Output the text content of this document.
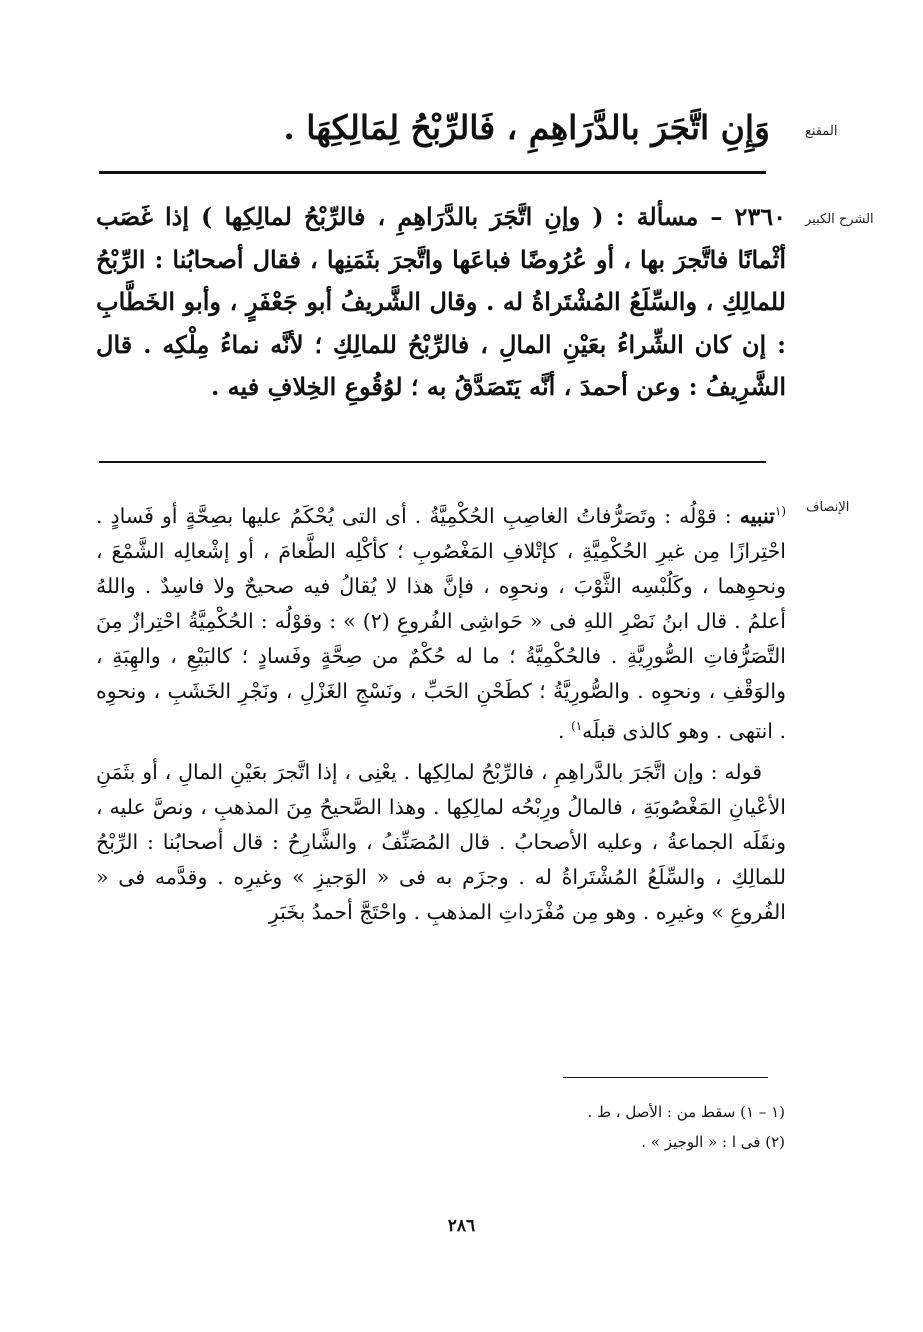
المقنع
وَإِنِ اتَّجَرَ بالدَّرَاهِمِ ، فَالرِّبْحُ لِمَالِكِهَا .
الشرح الكبير
٢٣٦٠ – مسألة : ( وإنِ اتَّجَرَ بالدَّرَاهِمِ ، فالرِّبْحُ لمالِكِها ) إذا غَصَب أثْمانًا فاتَّجرَ بها ، أو عُرُوضًا فباعَها واتَّجرَ بثَمَنِها ، فقال أصحابُنا : الرِّبْحُ للمالِكِ ، والسِّلَعُ المُشْتَراةُ له . وقال الشَّريفُ أبو جَعْفَرٍ ، وأبو الخَطَّابِ : إن كان الشِّراءُ بعَيْنِ المالِ ، فالرِّبْحُ للمالِكِ ؛ لأنَّه نماءُ مِلْكِه . قال الشَّرِيفُ : وعن أحمدَ ، أنَّه يَتَصَدَّقُ به ؛ لوُقُوعِ الخِلافِ فيه .
الإنصاف

$^{(١}$تنبيه : قوْلُه : وتَصَرُّفاتُ الغاصِبِ الحُكْمِيَّةُ . أى التى يُحْكَمُ عليها بصِحَّةٍ أو فَسادٍ . احْتِرازًا مِن غيرِ الحُكْمِيَّةِ ، كإتْلافِ المَغْصُوبِ ؛ كأكْلِه الطَّعامَ ، أو إشْعالِه الشَّمْعَ ، ونحوِهما ، وكَلُبْسِه الثَّوْبَ ، ونحوِه ، فإنَّ هذا لا يُقالُ فيه صحيحٌ ولا فاسِدٌ . واللهُ أعلمُ . قال ابنُ نَصْرِ اللهِ فى « حَواشِى الفُروعِ (٢) » : وقوْلُه : الحُكْمِيَّةُ احْتِرازٌ مِنَ التَّصَرُّفاتِ الصُّورِيَّةِ . فالحُكْمِيَّةُ ؛ ما له حُكْمٌ من صِحَّةٍ وفَسادٍ ؛ كالبَيْعِ ، والهِبَةِ ، والوَقْفِ ، ونحوِه . والصُّورِيَّةُ ؛ كطَحْنِ الحَبِّ ، ونَسْجِ الغَزْلِ ، ونَجْرِ الخَشَبِ ، ونحوِه . انتهى . وهو كالذى قبلَه$^{١)}$ .

قوله : وإن اتَّجَرَ بالدَّراهِمِ ، فالرِّبْحُ لمالِكِها . يعْنِى ، إذا اتَّجرَ بعَيْنِ المالِ ، أو بثَمَنِ الأعْيانِ المَغْصُوبَةِ ، فالمالُ ورِبْحُه لمالِكِها . وهذا الصَّحيحُ مِنَ المذهبِ ، ونصَّ عليه ، ونقَلَه الجماعةُ ، وعليه الأصحابُ . قال المُصَنِّفُ ، والشَّارِحُ : قال أصحابُنا : الرِّبْحُ للمالِكِ ، والسِّلَعُ المُشْتَراةُ له . وجزَم به فى « الوَجيزِ » وغيرِه . وقدَّمه فى « الفُروعِ » وغيرِه . وهو مِن مُفْرَداتِ المذهبِ . واحْتَجَّ أحمدُ بخَبَرِ

(١ – ١) سقط من : الأصل ، ط .
(٢) فى ا : « الوجيز » .
٢٨٦
